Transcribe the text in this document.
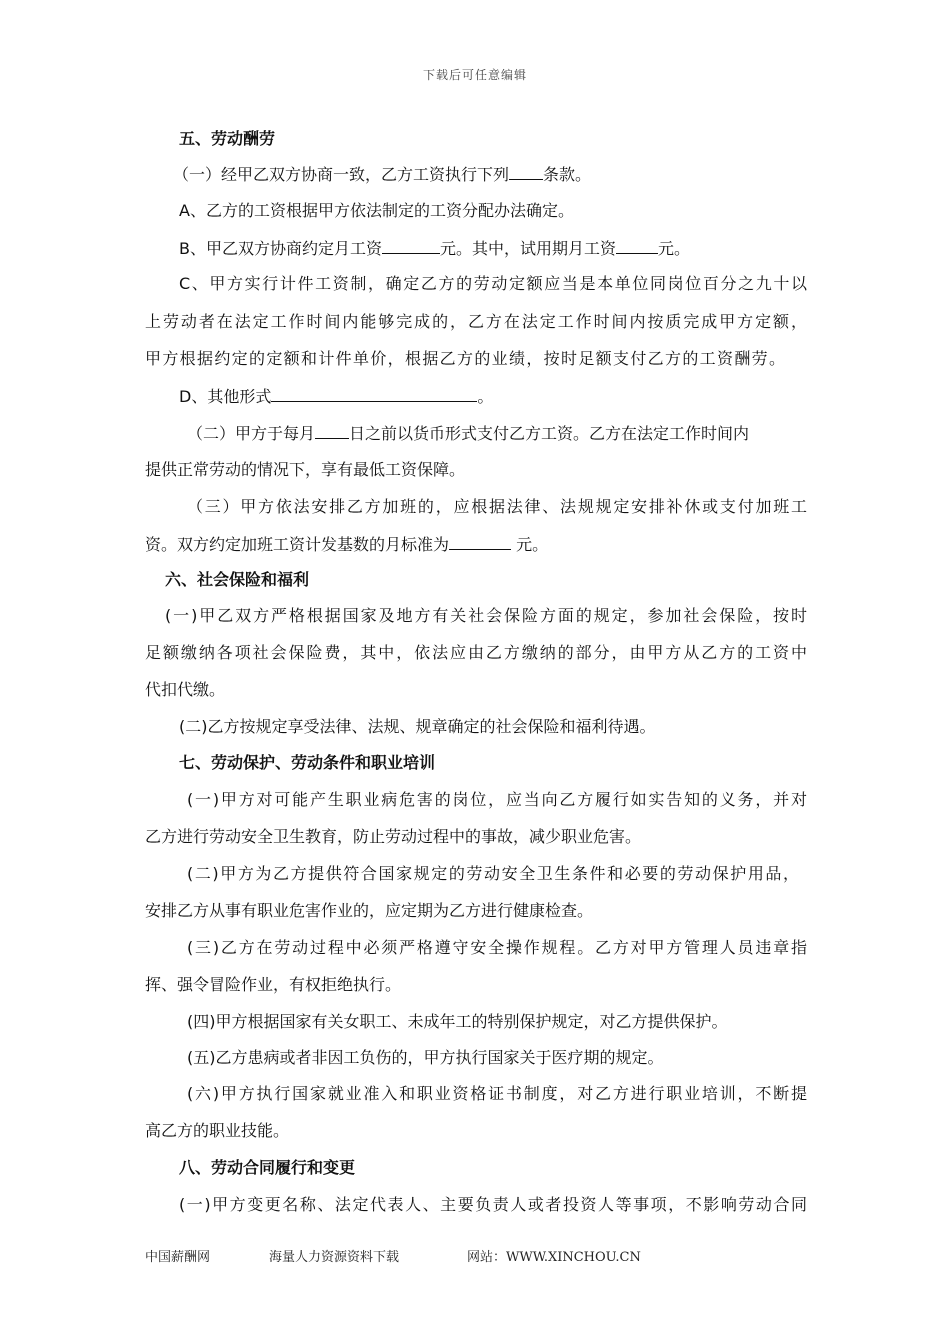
下载后可任意编辑
五、劳动酬劳
（一）经甲乙双方协商一致，乙方工资执行下列 条款。
A、乙方的工资根据甲方依法制定的工资分配办法确定。
B、甲乙双方协商约定月工资	元。其中，试用期月工资	元。
C、甲方实行计件工资制，确定乙方的劳动定额应当是本单位同岗位百分之九十以
上劳动者在法定工作时间内能够完成的，乙方在法定工作时间内按质完成甲方定额，
甲方根据约定的定额和计件单价，根据乙方的业绩，按时足额支付乙方的工资酬劳。
D、其他形式	。
（二）甲方于每月 日之前以货币形式支付乙方工资。乙方在法定工作时间内
提供正常劳动的情况下，享有最低工资保障。
（三）甲方依法安排乙方加班的，应根据法律、法规规定安排补休或支付加班工
资。双方约定加班工资计发基数的月标准为	元。
六、社会保险和福利
(一)甲乙双方严格根据国家及地方有关社会保险方面的规定，参加社会保险，按时
足额缴纳各项社会保险费，其中，依法应由乙方缴纳的部分，由甲方从乙方的工资中
代扣代缴。
(二)乙方按规定享受法律、法规、规章确定的社会保险和福利待遇。
七、劳动保护、劳动条件和职业培训
(一)甲方对可能产生职业病危害的岗位，应当向乙方履行如实告知的义务，并对
乙方进行劳动安全卫生教育，防止劳动过程中的事故，减少职业危害。
(二)甲方为乙方提供符合国家规定的劳动安全卫生条件和必要的劳动保护用品，
安排乙方从事有职业危害作业的，应定期为乙方进行健康检查。
(三)乙方在劳动过程中必须严格遵守安全操作规程。乙方对甲方管理人员违章指
挥、强令冒险作业，有权拒绝执行。
(四)甲方根据国家有关女职工、未成年工的特别保护规定，对乙方提供保护。
(五)乙方患病或者非因工负伤的，甲方执行国家关于医疗期的规定。
(六)甲方执行国家就业准入和职业资格证书制度，对乙方进行职业培训，不断提
高乙方的职业技能。
八、劳动合同履行和变更
(一)甲方变更名称、法定代表人、主要负责人或者投资人等事项，不影响劳动合同
中国薪酬网	海量人力资源资料下载	网站：WWW.XINCHOU.CN
